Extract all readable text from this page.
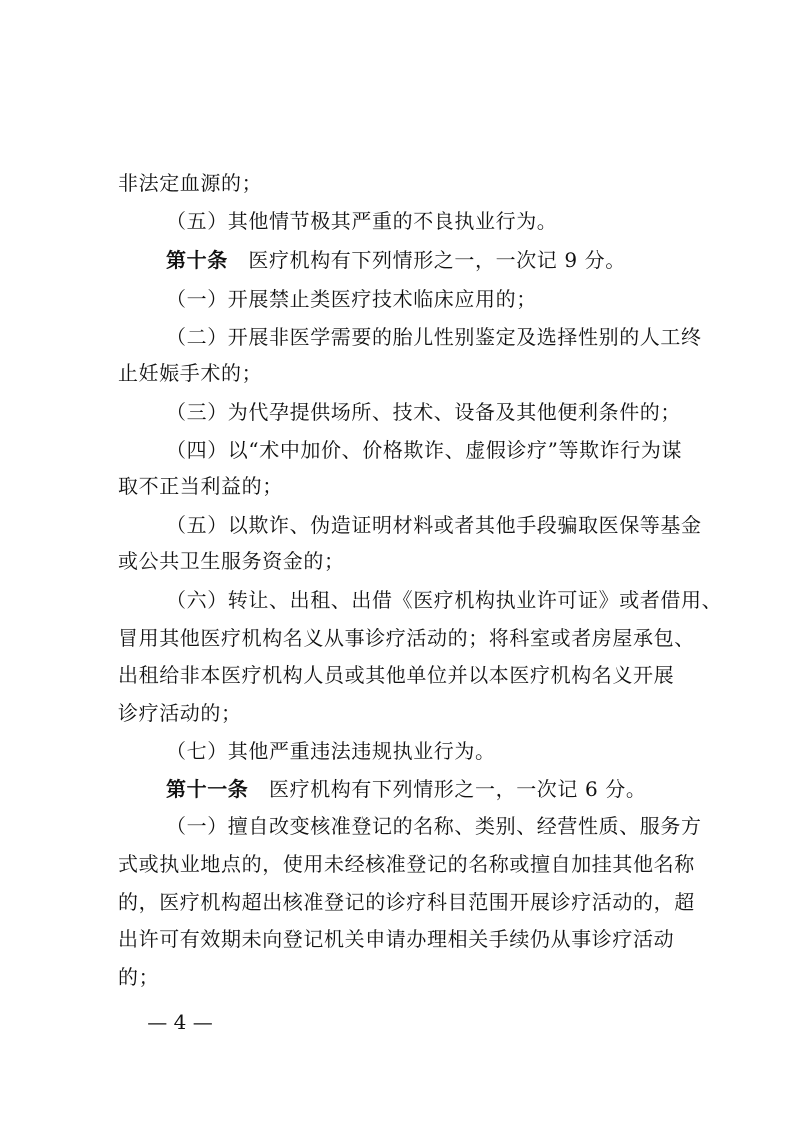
非法定血源的；
（五）其他情节极其严重的不良执业行为。
第十条　医疗机构有下列情形之一，一次记 9 分。
（一）开展禁止类医疗技术临床应用的；
（二）开展非医学需要的胎儿性别鉴定及选择性别的人工终
止妊娠手术的；
（三）为代孕提供场所、技术、设备及其他便利条件的；
（四）以“术中加价、价格欺诈、虚假诊疗”等欺诈行为谋
取不正当利益的；
（五）以欺诈、伪造证明材料或者其他手段骗取医保等基金
或公共卫生服务资金的；
（六）转让、出租、出借《医疗机构执业许可证》或者借用、
冒用其他医疗机构名义从事诊疗活动的；将科室或者房屋承包、
出租给非本医疗机构人员或其他单位并以本医疗机构名义开展
诊疗活动的；
（七）其他严重违法违规执业行为。
第十一条　医疗机构有下列情形之一，一次记 6 分。
（一）擅自改变核准登记的名称、类别、经营性质、服务方
式或执业地点的，使用未经核准登记的名称或擅自加挂其他名称
的，医疗机构超出核准登记的诊疗科目范围开展诊疗活动的，超
出许可有效期未向登记机关申请办理相关手续仍从事诊疗活动
的；
— 4 —
